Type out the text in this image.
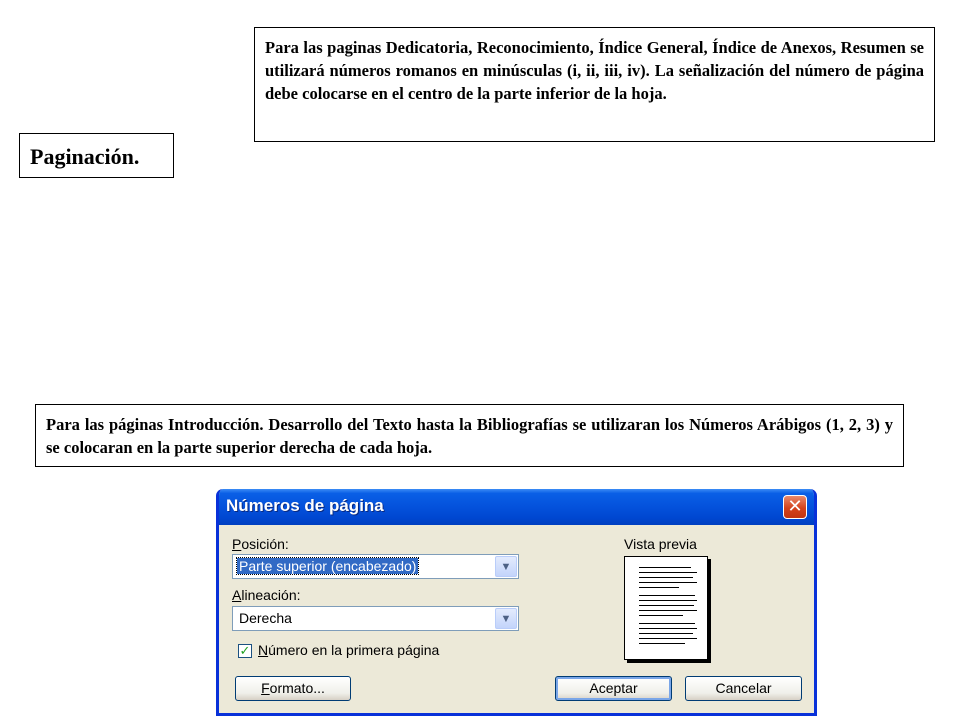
Para las paginas Dedicatoria, Reconocimiento, Índice General, Índice de Anexos, Resumen se utilizará números romanos en minúsculas (i, ii, iii, iv). La señalización del número de página debe colocarse en el centro de la parte inferior de la hoja.
Paginación.
Para las páginas Introducción. Desarrollo del Texto hasta la Bibliografías se utilizaran los Números Arábigos (1, 2, 3) y se colocaran en la parte superior derecha de cada hoja.
Números de página	✕
Posición:
Parte superior (encabezado)	▼
Alineación:
Derecha	▼
✓ Número en la primera página
Vista previa
Formato...	Aceptar	Cancelar
